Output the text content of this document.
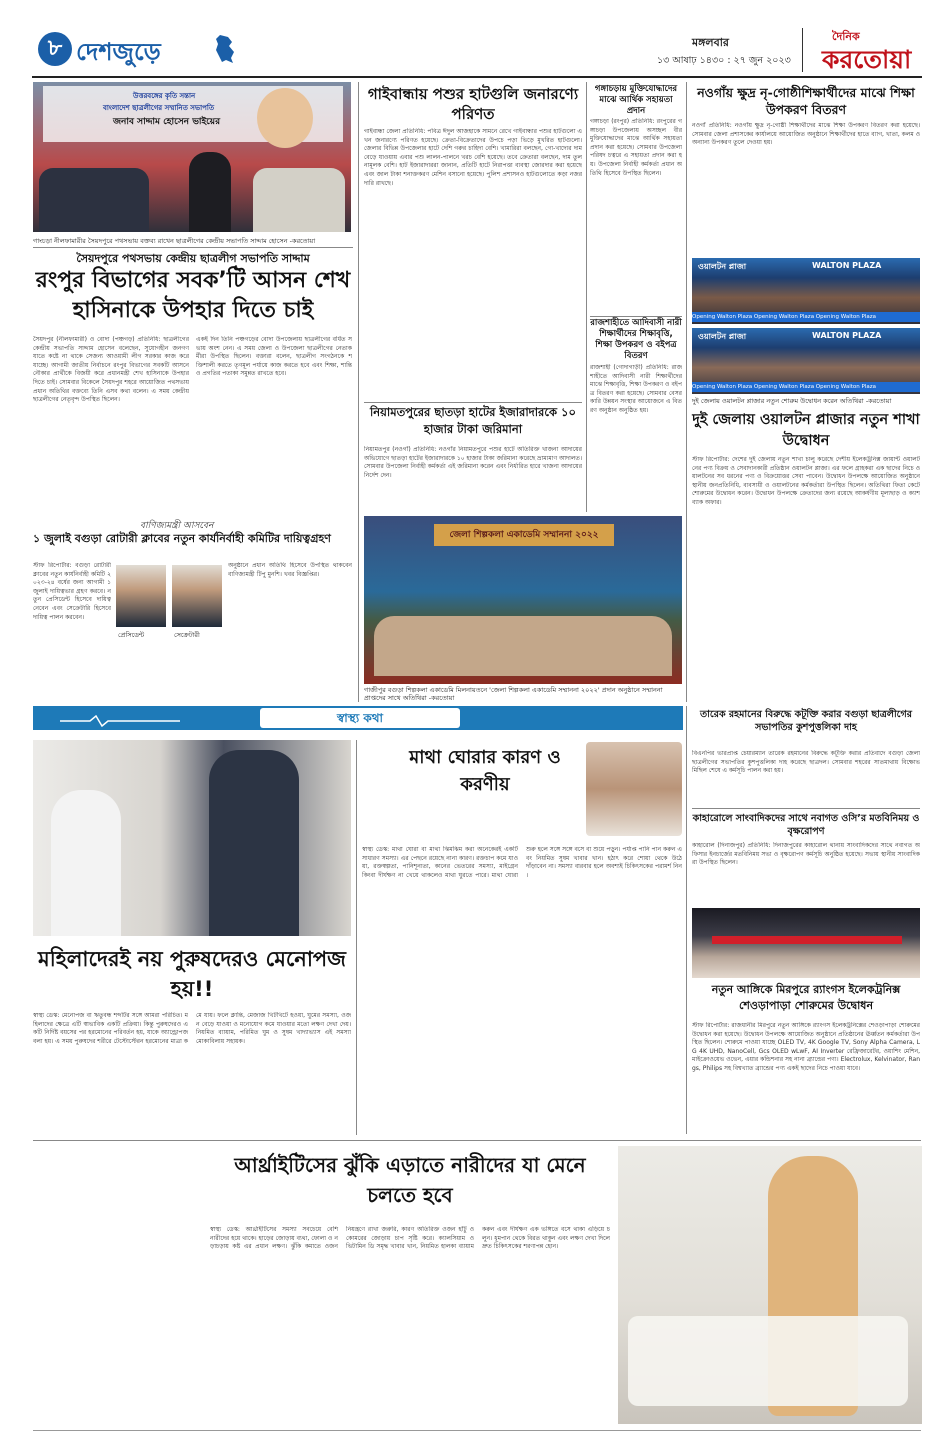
৮ দেশজুড়ে	মঙ্গলবার
১৩ আষাঢ় ১৪৩০ : ২৭ জুন ২০২৩
দৈনিক
করতোয়া
উত্তরবঙ্গের কৃতি সন্তান
বাংলাদেশ ছাত্রলীগের সম্মানিত সভাপতি
জনাব সাদ্দাম হোসেন ভাইয়ের
গাংচড়া নীলফামারীর সৈয়দপুরে পথসভায় বক্তব্য রাখেন ছাত্রলীগের কেন্দ্রীয় সভাপতি সাদ্দাম হোসেন -করতোয়া
সৈয়দপুরে পথসভায় কেন্দ্রীয় ছাত্রলীগ সভাপতি সাদ্দাম
রংপুর বিভাগের সবক’টি আসন শেখ হাসিনাকে উপহার দিতে চাই
সৈয়দপুর (নীলফামারী) ও বোদা (পঞ্চগড়) প্রতিনিধি: ছাত্রলীগের কেন্দ্রীয় সভাপতি সাদ্দাম হোসেন বলেছেন, সুযোগহীন জনগণ যাতে কষ্টে না থাকে সেজন্য আওয়ামী লীগ সরকার কাজ করে যাচ্ছে। আগামী জাতীয় নির্বাচনে রংপুর বিভাগের সবকটি আসনে নৌকার প্রার্থীকে বিজয়ী করে প্রধানমন্ত্রী শেখ হাসিনাকে উপহার দিতে চাই। সোমবার বিকেলে সৈয়দপুর শহরে আয়োজিত পথসভায় প্রধান অতিথির বক্তব্যে তিনি এসব কথা বলেন। এ সময় কেন্দ্রীয় ছাত্রলীগের নেতৃবৃন্দ উপস্থিত ছিলেন।
একই দিন তিনি পঞ্চগড়ের বোদা উপজেলায় ছাত্রলীগের বর্ধিত সভায় অংশ নেন। এ সময় জেলা ও উপজেলা ছাত্রলীগের নেতাকর্মীরা উপস্থিত ছিলেন। বক্তারা বলেন, ছাত্রলীগ সংগঠনকে শক্তিশালী করতে তৃণমূল পর্যায়ে কাজ করতে হবে এবং শিক্ষা, শান্তি ও প্রগতির পতাকা সমুন্নত রাখতে হবে।
বাণিজ্যমন্ত্রী আসবেন
১ জুলাই বগুড়া রোটারী ক্লাবের নতুন কার্যনির্বাহী কমিটির দায়িত্বগ্রহণ
স্টাফ রিপোর্টার: বগুড়া রোটারী ক্লাবের নতুন কার্যনির্বাহী কমিটি ২০২৩-২৪ বর্ষের জন্য আগামী ১ জুলাই দায়িত্বভার গ্রহণ করবে। নতুন প্রেসিডেন্ট হিসেবে দায়িত্ব নেবেন এবং সেক্রেটারি হিসেবে দায়িত্ব পালন করবেন।
প্রেসিডেন্ট	সেক্রেটারী
অনুষ্ঠানে প্রধান অতিথি হিসেবে উপস্থিত থাকবেন বাণিজ্যমন্ত্রী টিপু মুনশি। খবর বিজ্ঞপ্তির।
গাইবান্ধায় পশুর হাটগুলি জনারণ্যে পরিণত
গাইবান্ধা জেলা প্রতিনিধি: পবিত্র ঈদুল আজহাকে সামনে রেখে গাইবান্ধার পশুর হাটগুলো এখন জনারণ্যে পরিণত হয়েছে। ক্রেতা-বিক্রেতাদের উপচে পড়া ভিড়ে মুখরিত হাটগুলো। জেলার বিভিন্ন উপজেলার হাটে দেশি গরুর চাহিদা বেশি। খামারিরা বলছেন, গো-খাদ্যের দাম বেড়ে যাওয়ায় এবার পশু লালন-পালনে খরচ বেশি হয়েছে। তবে ক্রেতারা বলছেন, দাম তুলনামূলক বেশি। হাট ইজারাদাররা জানান, প্রতিটি হাটে নিরাপত্তা ব্যবস্থা জোরদার করা হয়েছে এবং জাল টাকা শনাক্তকরণ মেশিন বসানো হয়েছে। পুলিশ প্রশাসনও হাটগুলোতে কড়া নজরদারি রাখছে।
নিয়ামতপুরের ছাতড়া হাটের ইজারাদারকে ১০ হাজার টাকা জরিমানা
নিয়ামতপুর (নওগাঁ) প্রতিনিধি: নওগাঁর নিয়ামতপুরে পশুর হাটে অতিরিক্ত খাজনা আদায়ের অভিযোগে ছাতড়া হাটের ইজারাদারকে ১০ হাজার টাকা জরিমানা করেছে ভ্রাম্যমাণ আদালত। সোমবার উপজেলা নির্বাহী কর্মকর্তা এই জরিমানা করেন এবং নির্ধারিত হারে খাজনা আদায়ের নির্দেশ দেন।
জেলা শিল্পকলা একাডেমি সম্মাননা ২০২২
গাজীপুর বগুড়া শিল্পকলা একাডেমি মিলনায়তনে 'জেলা শিল্পকলা একাডেমি সম্মাননা ২০২২' প্রদান অনুষ্ঠানে সম্মাননা প্রাপ্তদের সাথে অতিথিরা -করতোয়া
গঙ্গাচড়ায় মুক্তিযোদ্ধাদের মাঝে আর্থিক সহায়তা প্রদান
গঙ্গাচড়া (রংপুর) প্রতিনিধি: রংপুরের গঙ্গাচড়া উপজেলায় অসচ্ছল বীর মুক্তিযোদ্ধাদের মাঝে আর্থিক সহায়তা প্রদান করা হয়েছে। সোমবার উপজেলা পরিষদ চত্বরে এ সহায়তা প্রদান করা হয়। উপজেলা নির্বাহী কর্মকর্তা প্রধান অতিথি হিসেবে উপস্থিত ছিলেন।
রাজশাহীতে আদিবাসী নারী শিক্ষার্থীদের শিক্ষাবৃত্তি, শিক্ষা উপকরণ ও বইপত্র বিতরণ
রাজশাহী (গোদাগাড়ী) প্রতিনিধি: রাজশাহীতে আদিবাসী নারী শিক্ষার্থীদের মাঝে শিক্ষাবৃত্তি, শিক্ষা উপকরণ ও বইপত্র বিতরণ করা হয়েছে। সোমবার বেসরকারি উন্নয়ন সংস্থার আয়োজনে এ বিতরণ অনুষ্ঠান অনুষ্ঠিত হয়।
নওগাঁয় ক্ষুদ্র নৃ-গোষ্ঠীশিক্ষার্থীদের মাঝে শিক্ষা উপকরণ বিতরণ
নওগাঁ প্রতিনিধি: নওগাঁয় ক্ষুদ্র নৃ-গোষ্ঠী শিক্ষার্থীদের মাঝে শিক্ষা উপকরণ বিতরণ করা হয়েছে। সোমবার জেলা প্রশাসকের কার্যালয়ে আয়োজিত অনুষ্ঠানে শিক্ষার্থীদের হাতে ব্যাগ, খাতা, কলম ও অন্যান্য উপকরণ তুলে দেওয়া হয়।
ওয়ালটন প্লাজা	WALTON PLAZA
Opening Walton Plaza Opening Walton Plaza Opening Walton Plaza
ওয়ালটন প্লাজা	WALTON PLAZA
Opening Walton Plaza Opening Walton Plaza Opening Walton Plaza
দুই জেলায় ওয়ালটন প্লাজার নতুন শোরুম উদ্বোধন করেন অতিথিরা -করতোয়া
দুই জেলায় ওয়ালটন প্লাজার নতুন শাখা উদ্বোধন
স্টাফ রিপোর্টার: দেশের দুই জেলায় নতুন শাখা চালু করেছে দেশীয় ইলেকট্রনিক্স জায়ান্ট ওয়ালটনের পণ্য বিক্রয় ও সেবাদানকারী প্রতিষ্ঠান ওয়ালটন প্লাজা। এর ফলে গ্রাহকরা এক ছাদের নিচে ওয়ালটনের সব ধরনের পণ্য ও বিক্রয়োত্তর সেবা পাবেন। উদ্বোধন উপলক্ষে আয়োজিত অনুষ্ঠানে স্থানীয় জনপ্রতিনিধি, ব্যবসায়ী ও ওয়ালটনের কর্মকর্তারা উপস্থিত ছিলেন। অতিথিরা ফিতা কেটে শোরুমের উদ্বোধন করেন। উদ্বোধন উপলক্ষে ক্রেতাদের জন্য রয়েছে আকর্ষণীয় মূল্যছাড় ও ক্যাশব্যাক অফার।
স্বাস্থ্য কথা
মহিলাদেরই নয় পুরুষদেরও মেনোপজ হয়!!
স্বাস্থ্য ডেস্ক: মেনোপজ বা ঋতুবন্ধ শব্দটির সঙ্গে আমরা পরিচিত। মহিলাদের ক্ষেত্রে এটি স্বাভাবিক একটি প্রক্রিয়া। কিন্তু পুরুষদেরও একটি নির্দিষ্ট বয়সের পর হরমোনের পরিবর্তন হয়, যাকে অ্যান্ড্রোপজ বলা হয়। এ সময় পুরুষদের শরীরে টেস্টোস্টেরন হরমোনের মাত্রা কমে যায়। ফলে ক্লান্তি, মেজাজ খিটখিটে হওয়া, ঘুমের সমস্যা, ওজন বেড়ে যাওয়া ও মনোযোগ কমে যাওয়ার মতো লক্ষণ দেখা দেয়। নিয়মিত ব্যায়াম, পরিমিত ঘুম ও সুষম খাদ্যাভ্যাস এই সমস্যা মোকাবিলায় সহায়ক।
মাথা ঘোরার কারণ ও করণীয়
স্বাস্থ্য ডেস্ক: মাথা ঘোরা বা মাথা ঝিমঝিম করা অনেকেরই একটি সাধারণ সমস্যা। এর পেছনে রয়েছে নানা কারণ। রক্তচাপ কমে যাওয়া, রক্তস্বল্পতা, পানিশূন্যতা, কানের ভেতরের সমস্যা, মাইগ্রেন কিংবা দীর্ঘক্ষণ না খেয়ে থাকলেও মাথা ঘুরতে পারে। মাথা ঘোরা শুরু হলে সঙ্গে সঙ্গে বসে বা শুয়ে পড়ুন। পর্যাপ্ত পানি পান করুন এবং নিয়মিত সুষম খাবার খান। হঠাৎ করে শোয়া থেকে উঠে দাঁড়াবেন না। সমস্যা বারবার হলে অবশ্যই চিকিৎসকের পরামর্শ নিন।
নতুন আঙ্গিকে মিরপুরে র‍্যাংগস ইলেকট্রনিক্স শেওড়াপাড়া শোরুমের উদ্বোধন
স্টাফ রিপোর্টার: রাজধানীর মিরপুরে নতুন আঙ্গিকে র‍্যাংগস ইলেকট্রনিক্সের শেওড়াপাড়া শোরুমের উদ্বোধন করা হয়েছে। উদ্বোধন উপলক্ষে আয়োজিত অনুষ্ঠানে প্রতিষ্ঠানের ঊর্ধ্বতন কর্মকর্তারা উপস্থিত ছিলেন। শোরুমে পাওয়া যাচ্ছে OLED TV, 4K Google TV, Sony Alpha Camera, LG 4K UHD, NanoCell, Gcs OLED wLwF, AI Inverter রেফ্রিজারেটর, ওয়াশিং মেশিন, মাইক্রোওয়েভ ওভেন, এয়ার কন্ডিশনার সহ নানা ব্র্যান্ডের পণ্য। Electrolux, Kelvinator, Rangs, Philips সহ বিশ্বখ্যাত ব্র্যান্ডের পণ্য একই ছাদের নিচে পাওয়া যাবে।
তারেক রহমানের বিরুদ্ধে কটূক্তি করার বগুড়া ছাত্রলীগের সভাপতির কুশপুত্তলিকা দাহ
বিএনপির ভারপ্রাপ্ত চেয়ারম্যান তারেক রহমানের বিরুদ্ধে কটূক্তি করার প্রতিবাদে বগুড়া জেলা ছাত্রলীগের সভাপতির কুশপুত্তলিকা দাহ করেছে ছাত্রদল। সোমবার শহরের সাতমাথায় বিক্ষোভ মিছিল শেষে এ কর্মসূচি পালন করা হয়।
কাহারোলে সাংবাদিকদের সাথে নবাগত ওসি’র মতবিনিময় ও বৃক্ষরোপণ
কাহারোল (দিনাজপুর) প্রতিনিধি: দিনাজপুরের কাহারোল থানায় সাংবাদিকদের সাথে নবাগত অফিসার ইনচার্জের মতবিনিময় সভা ও বৃক্ষরোপণ কর্মসূচি অনুষ্ঠিত হয়েছে। সভায় স্থানীয় সাংবাদিকরা উপস্থিত ছিলেন।
আর্থ্রাইটিসের ঝুঁকি এড়াতে নারীদের যা মেনে চলতে হবে
স্বাস্থ্য ডেস্ক: আর্থ্রাইটিসের সমস্যা সবচেয়ে বেশি নারীদের হয়ে থাকে। হাড়ের জোড়ায় ব্যথা, ফোলা ও নড়াচড়ায় কষ্ট এর প্রধান লক্ষণ। ঝুঁকি কমাতে ওজন নিয়ন্ত্রণে রাখা জরুরি, কারণ অতিরিক্ত ওজন হাঁটু ও কোমরের জোড়ায় চাপ সৃষ্টি করে। ক্যালসিয়াম ও ভিটামিন ডি সমৃদ্ধ খাবার খান, নিয়মিত হালকা ব্যায়াম করুন এবং দীর্ঘক্ষণ এক ভঙ্গিতে বসে থাকা এড়িয়ে চলুন। ধূমপান থেকে বিরত থাকুন এবং লক্ষণ দেখা দিলে দ্রুত চিকিৎসকের শরণাপন্ন হোন।
